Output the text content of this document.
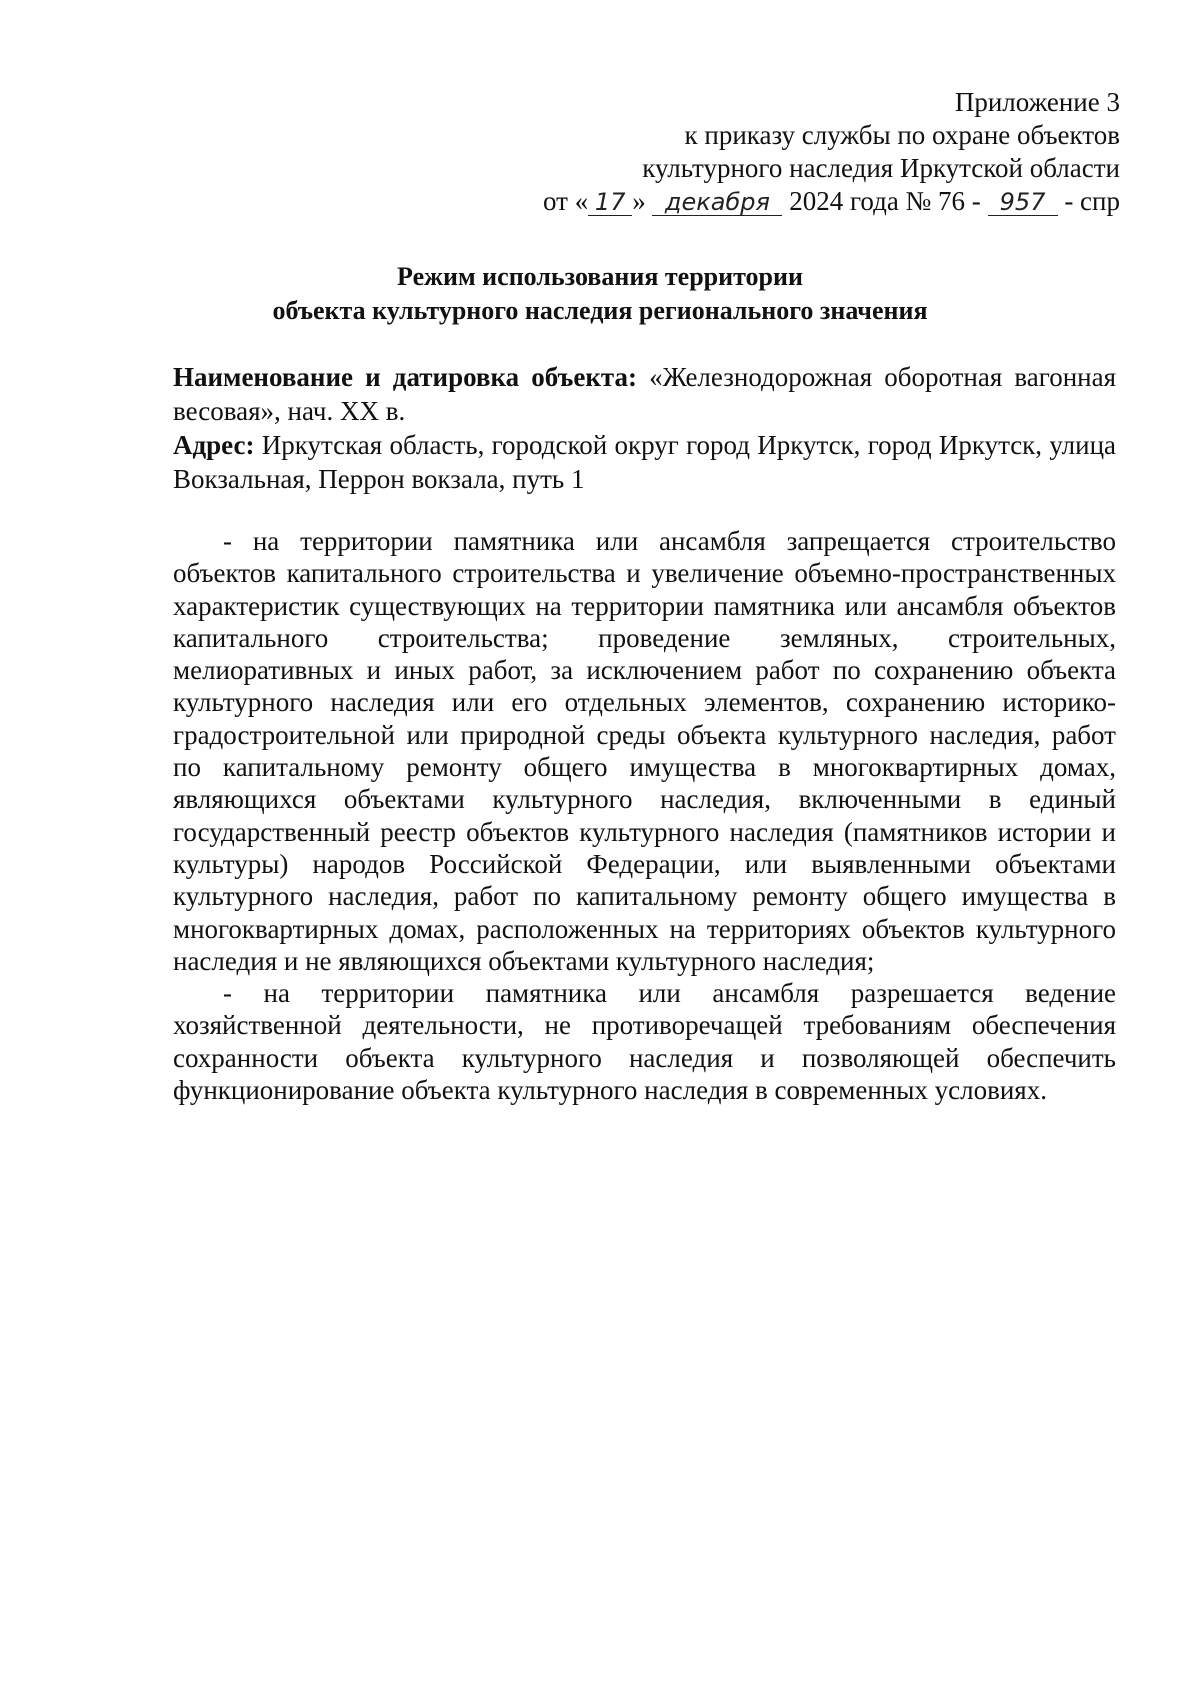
Приложение 3
к приказу службы по охране объектов
культурного наследия Иркутской области
от « 17 » декабря 2024 года № 76 - 957 - спр
Режим использования территории
объекта культурного наследия регионального значения

Наименование и датировка объекта: «Железнодорожная оборотная вагонная весовая», нач. XX в.

Адрес: Иркутская область, городской округ город Иркутск, город Иркутск, улица Вокзальная, Перрон вокзала, путь 1

- на территории памятника или ансамбля запрещается строительство объектов капитального строительства и увеличение объемно-пространственных характеристик существующих на территории памятника или ансамбля объектов капитального строительства; проведение земляных, строительных, мелиоративных и иных работ, за исключением работ по сохранению объекта культурного наследия или его отдельных элементов, сохранению историко-градостроительной или природной среды объекта культурного наследия, работ по капитальному ремонту общего имущества в многоквартирных домах, являющихся объектами культурного наследия, включенными в единый государственный реестр объектов культурного наследия (памятников истории и культуры) народов Российской Федерации, или выявленными объектами культурного наследия, работ по капитальному ремонту общего имущества в многоквартирных домах, расположенных на территориях объектов культурного наследия и не являющихся объектами культурного наследия;

- на территории памятника или ансамбля разрешается ведение хозяйственной деятельности, не противоречащей требованиям обеспечения сохранности объекта культурного наследия и позволяющей обеспечить функционирование объекта культурного наследия в современных условиях.
